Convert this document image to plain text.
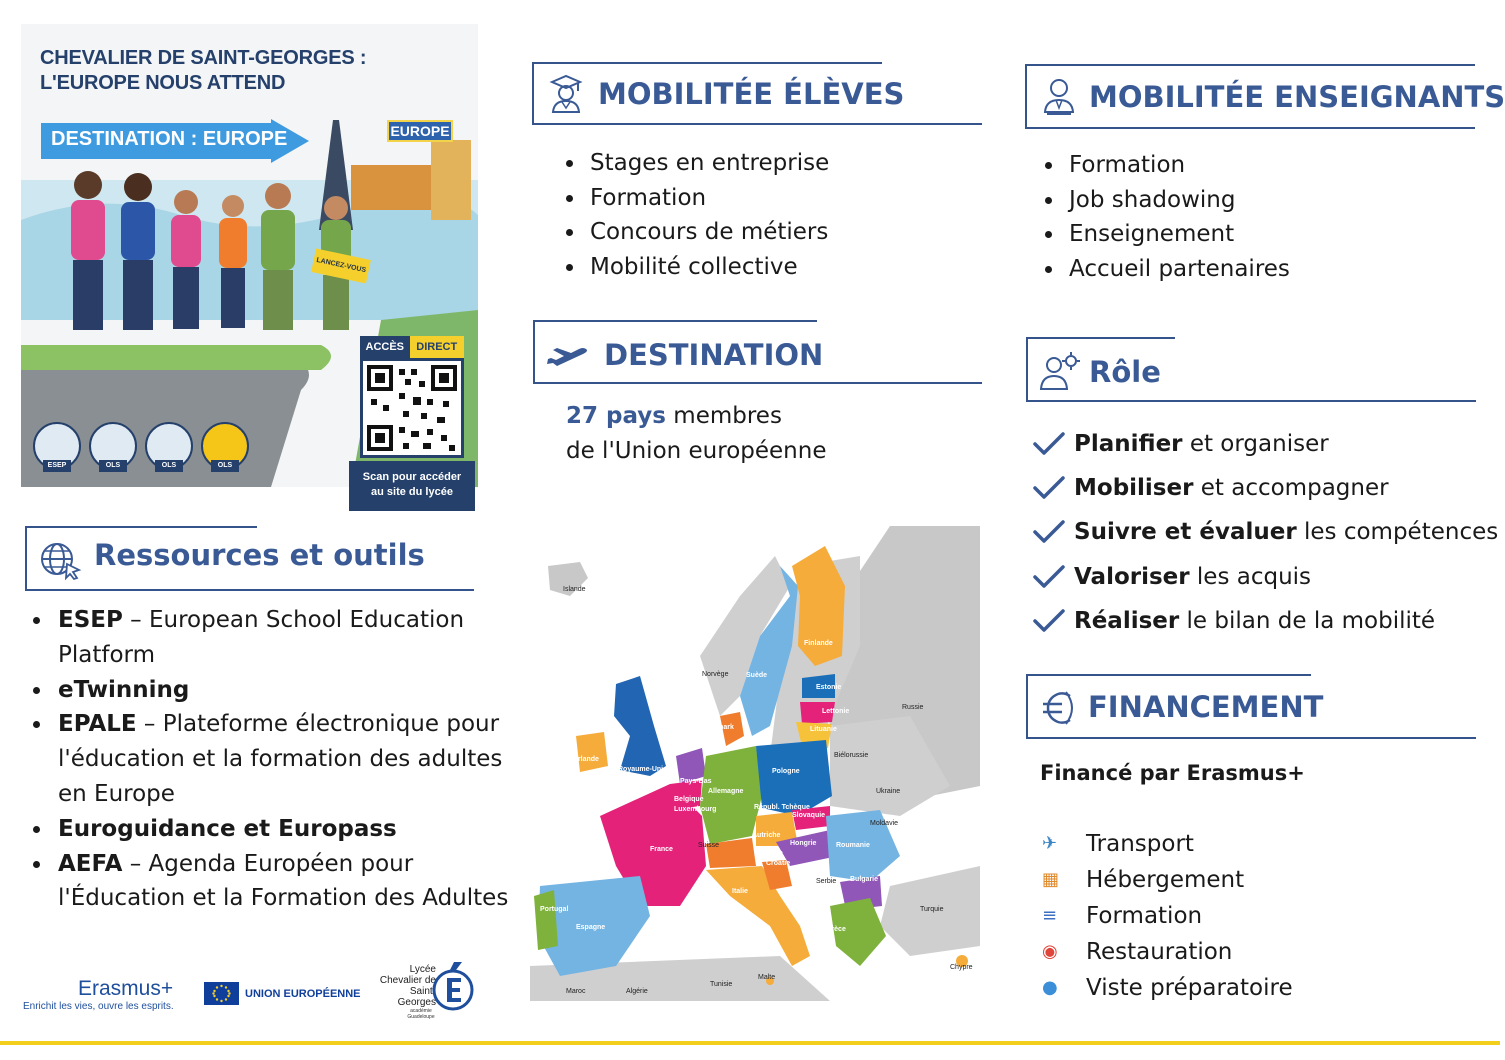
CHEVALIER DE SAINT-GEORGES :
L'EUROPE NOUS ATTEND
DESTINATION : EUROPE	EUROPE
LANCEZ-VOUS
ESEP	OLS	OLS	OLS
ACCÈS	DIRECT
Scan pour accéder
au site du lycée
Ressources et outils
ESEP – European School Education Platform
eTwinning
EPALE – Plateforme électronique pour l'éducation et la formation des adultes en Europe
Euroguidance et Europass
AEFA – Agenda Européen pour l'Éducation et la Formation des Adultes
MOBILITÉE ÉLÈVES
Stages en entreprise
Formation
Concours de métiers
Mobilité collective
DESTINATION
27 pays membres
de l'Union européenne
Islande
Norvège	Suède
Finlande
Estonie
Lettonie
Lituanie
Danemark
Irlande
Royaume-Uni
Pays-Bas
Belgique
Luxembourg
Allemagne
Pologne
France
Suisse
Autriche
Républ. Tchèque
Slovaquie
Hongrie
Slovénie
Croatie
Roumanie
Bulgarie
Italie
Espagne
Portugal
Grèce
Malte
Chypre
Russie
Biélorussie
Ukraine
Moldavie
Turquie
Serbie
Maroc	Algérie
Tunisie
MOBILITÉE ENSEIGNANTS
Formation
Job shadowing
Enseignement
Accueil partenaires
Rôle
Planifier et organiser
Mobiliser et accompagner
Suivre et évaluer les compétences
Valoriser les acquis
Réaliser le bilan de la mobilité
FINANCEMENT
Financé par Erasmus+
✈	Transport
▦	Hébergement
≡	Formation
◉	Restauration
●	Viste préparatoire
Erasmus+
Enrichit les vies, ouvre les esprits.
UNION EUROPÉENNE
Lycée
Chevalier de
Saint-Georges
académie Guadeloupe
